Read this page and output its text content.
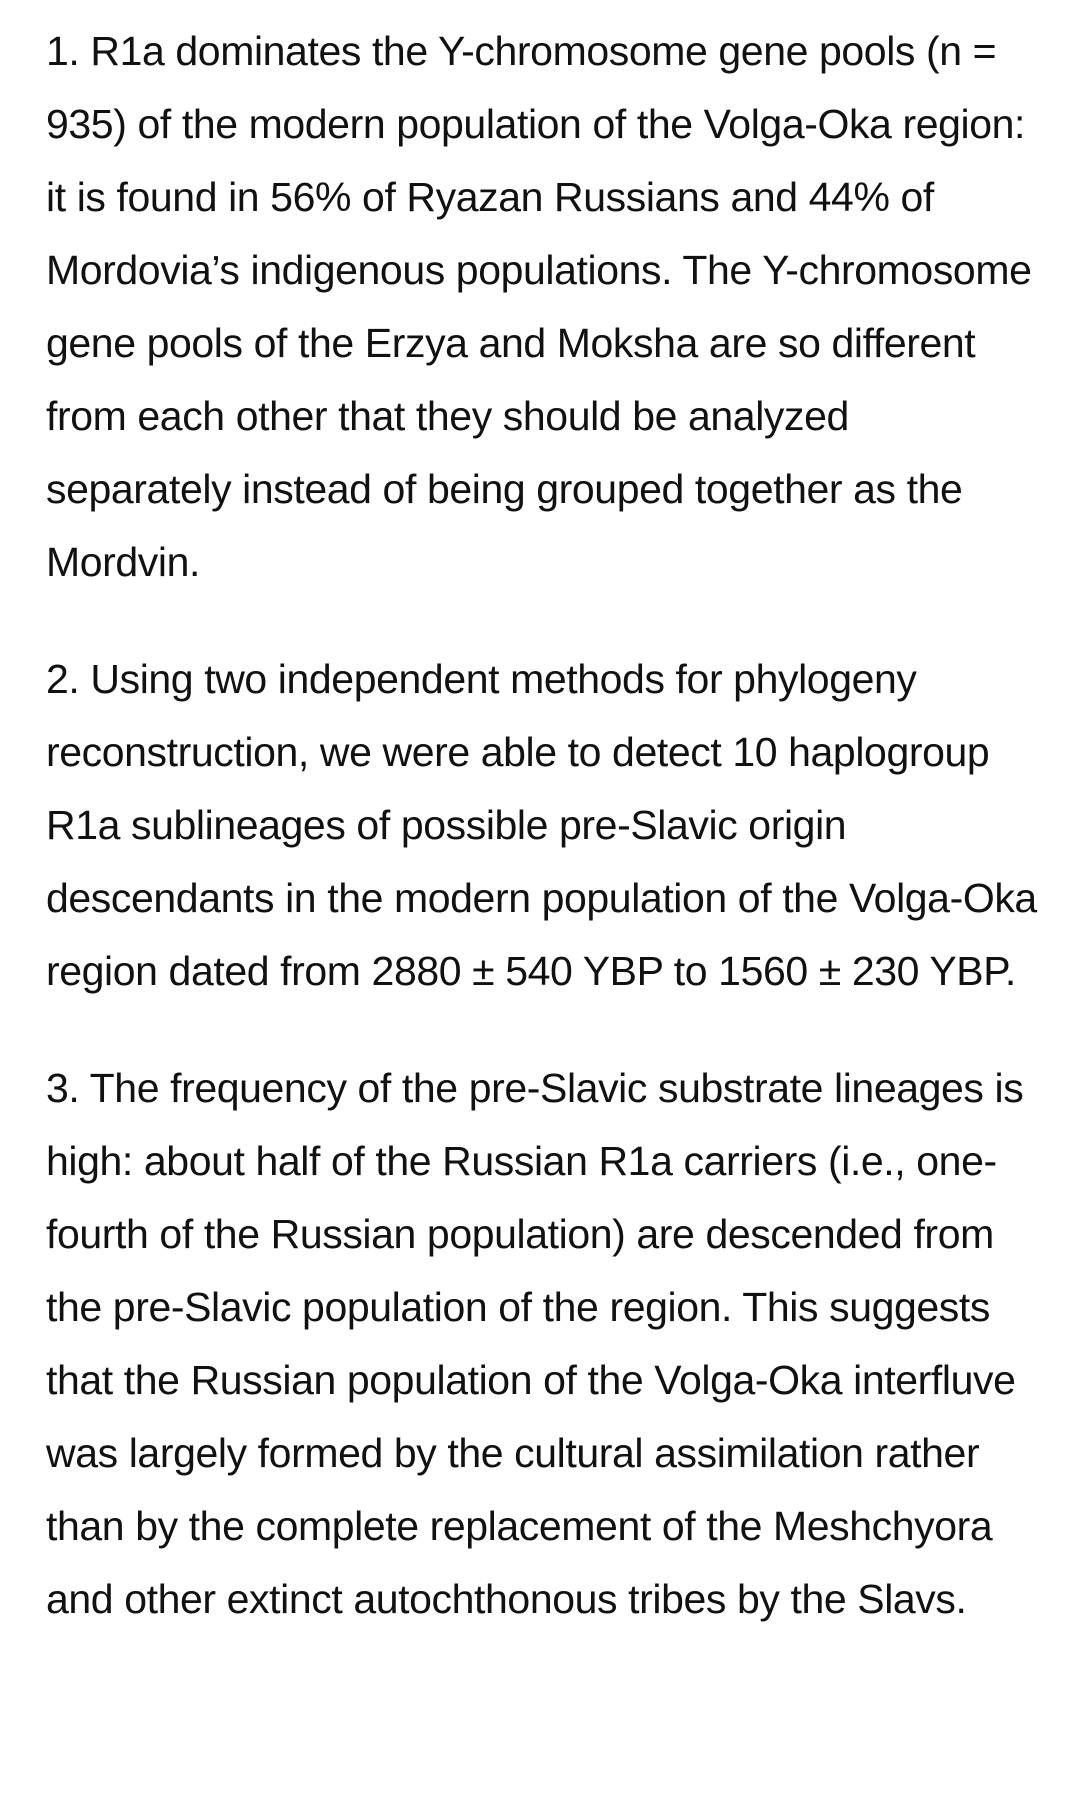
1. R1a dominates the Y-chromosome gene pools (n = 935) of the modern population of the Volga-Oka region: it is found in 56% of Ryazan Russians and 44% of Mordovia’s indigenous populations. The Y-chromosome gene pools of the Erzya and Moksha are so different from each other that they should be analyzed separately instead of being grouped together as the Mordvin.

2. Using two independent methods for phylogeny reconstruction, we were able to detect 10 haplogroup R1a sublineages of possible pre-Slavic origin descendants in the modern population of the Volga-Oka region dated from 2880 ± 540 YBP to 1560 ± 230 YBP.

3. The frequency of the pre-Slavic substrate lineages is high: about half of the Russian R1a carriers (i.e., one-fourth of the Russian population) are descended from the pre-Slavic population of the region. This suggests that the Russian population of the Volga-Oka interfluve was largely formed by the cultural assimilation rather than by the complete replacement of the Meshchyora and other extinct autochthonous tribes by the Slavs.
